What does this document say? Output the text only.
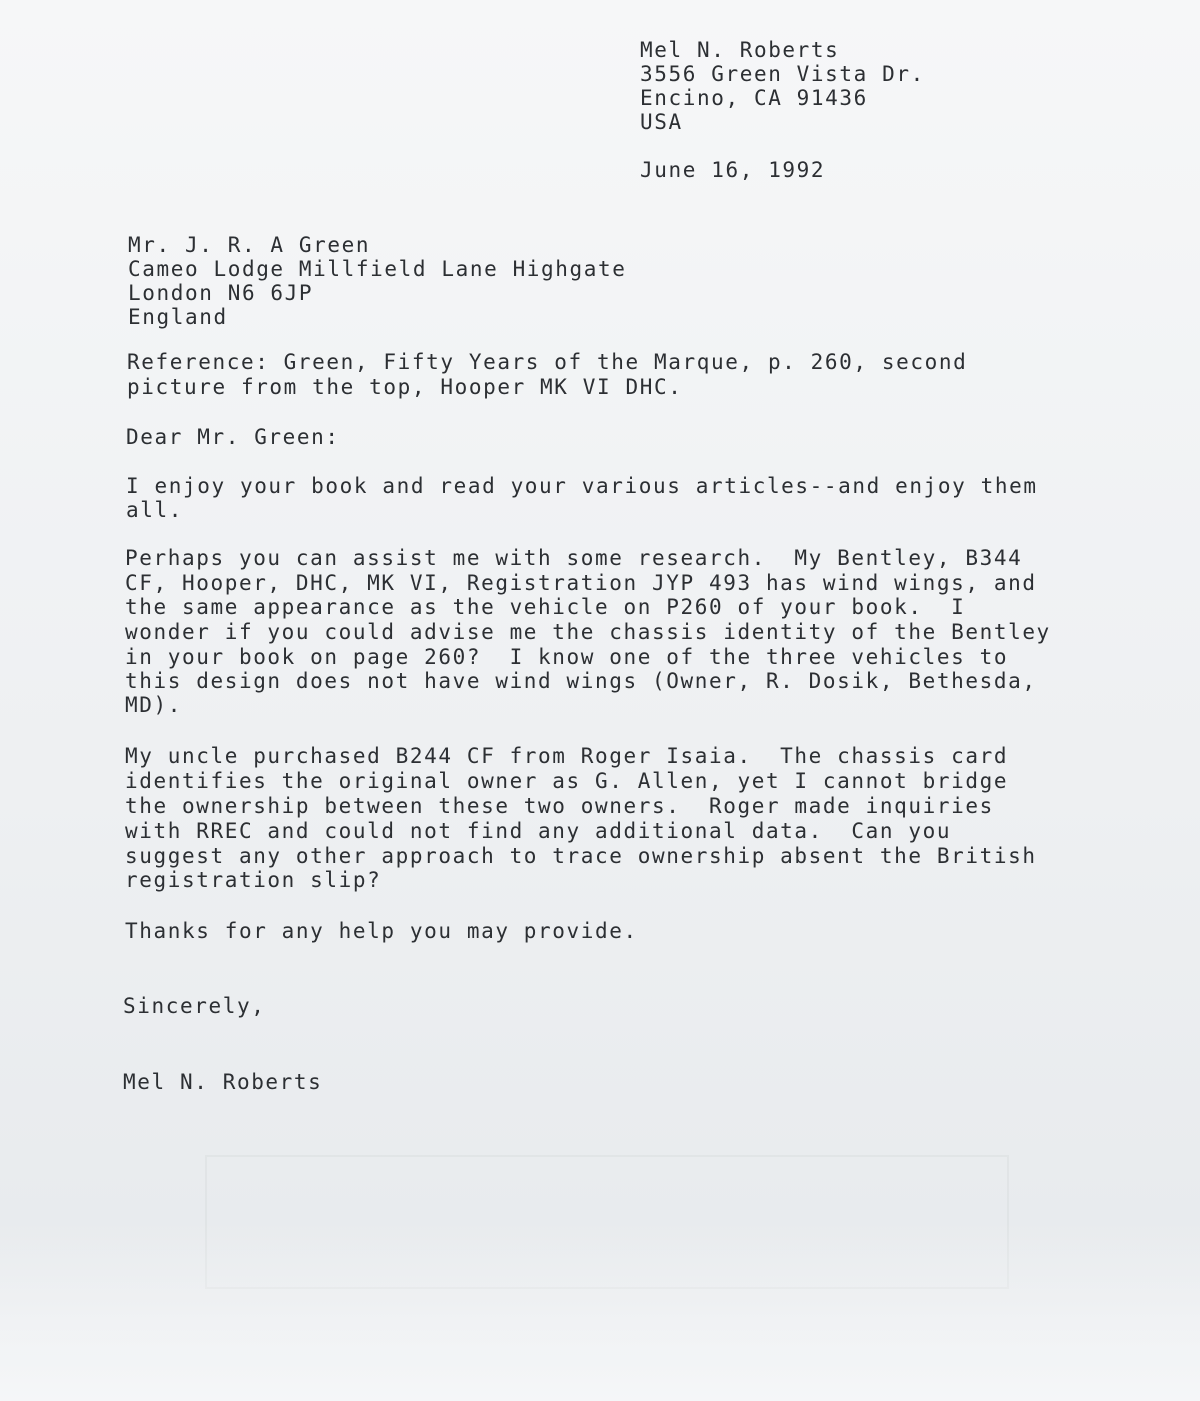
Mel N. Roberts
3556 Green Vista Dr.
Encino, CA 91436
USA
June 16, 1992
Mr. J. R. A Green
Cameo Lodge Millfield Lane Highgate
London N6 6JP
England
Reference: Green, Fifty Years of the Marque, p. 260, second
picture from the top, Hooper MK VI DHC.
Dear Mr. Green:
I enjoy your book and read your various articles--and enjoy them
all.
Perhaps you can assist me with some research.  My Bentley, B344
CF, Hooper, DHC, MK VI, Registration JYP 493 has wind wings, and
the same appearance as the vehicle on P260 of your book.  I
wonder if you could advise me the chassis identity of the Bentley
in your book on page 260?  I know one of the three vehicles to
this design does not have wind wings (Owner, R. Dosik, Bethesda,
MD).
My uncle purchased B244 CF from Roger Isaia.  The chassis card
identifies the original owner as G. Allen, yet I cannot bridge
the ownership between these two owners.  Roger made inquiries
with RREC and could not find any additional data.  Can you
suggest any other approach to trace ownership absent the British
registration slip?
Thanks for any help you may provide.
Sincerely,
Mel N. Roberts
